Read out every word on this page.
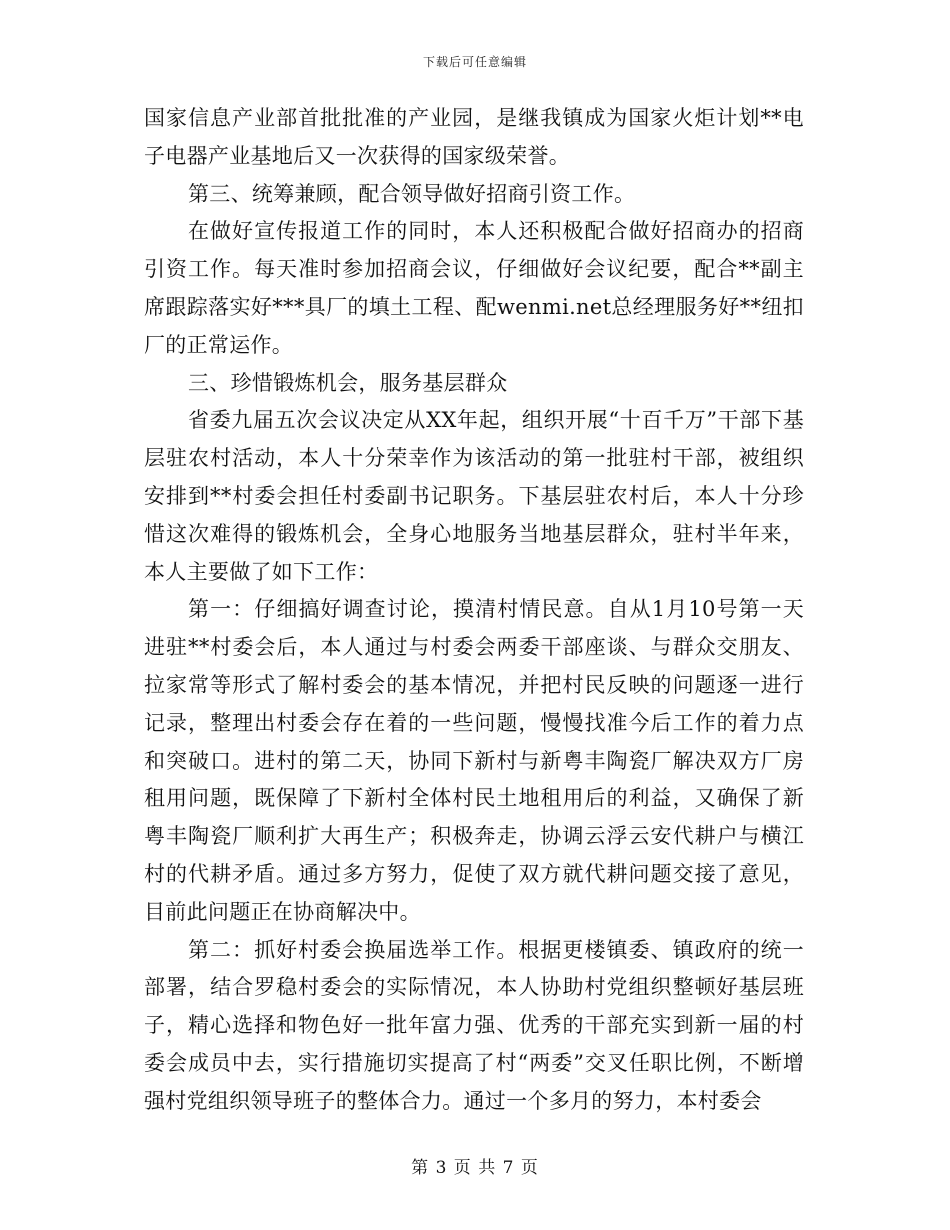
下载后可任意编辑

国家信息产业部首批批准的产业园，是继我镇成为国家火炬计划**电子电器产业基地后又一次获得的国家级荣誉。

第三、统筹兼顾，配合领导做好招商引资工作。

在做好宣传报道工作的同时，本人还积极配合做好招商办的招商引资工作。每天准时参加招商会议，仔细做好会议纪要，配合**副主席跟踪落实好***具厂的填土工程、配wenmi.net总经理服务好**纽扣厂的正常运作。

三、珍惜锻炼机会，服务基层群众

省委九届五次会议决定从XX年起，组织开展“十百千万”干部下基层驻农村活动，本人十分荣幸作为该活动的第一批驻村干部，被组织安排到**村委会担任村委副书记职务。下基层驻农村后，本人十分珍惜这次难得的锻炼机会，全身心地服务当地基层群众，驻村半年来，本人主要做了如下工作：

第一：仔细搞好调查讨论，摸清村情民意。自从1月10号第一天进驻**村委会后，本人通过与村委会两委干部座谈、与群众交朋友、拉家常等形式了解村委会的基本情况，并把村民反映的问题逐一进行记录，整理出村委会存在着的一些问题，慢慢找准今后工作的着力点和突破口。进村的第二天，协同下新村与新粤丰陶瓷厂解决双方厂房租用问题，既保障了下新村全体村民土地租用后的利益，又确保了新粤丰陶瓷厂顺利扩大再生产；积极奔走，协调云浮云安代耕户与横江村的代耕矛盾。通过多方努力，促使了双方就代耕问题交接了意见，目前此问题正在协商解决中。

第二：抓好村委会换届选举工作。根据更楼镇委、镇政府的统一部署，结合罗稳村委会的实际情况，本人协助村党组织整顿好基层班子，精心选择和物色好一批年富力强、优秀的干部充实到新一届的村委会成员中去，实行措施切实提高了村“两委”交叉任职比例，不断增强村党组织领导班子的整体合力。通过一个多月的努力，本村委会

第 3 页 共 7 页
